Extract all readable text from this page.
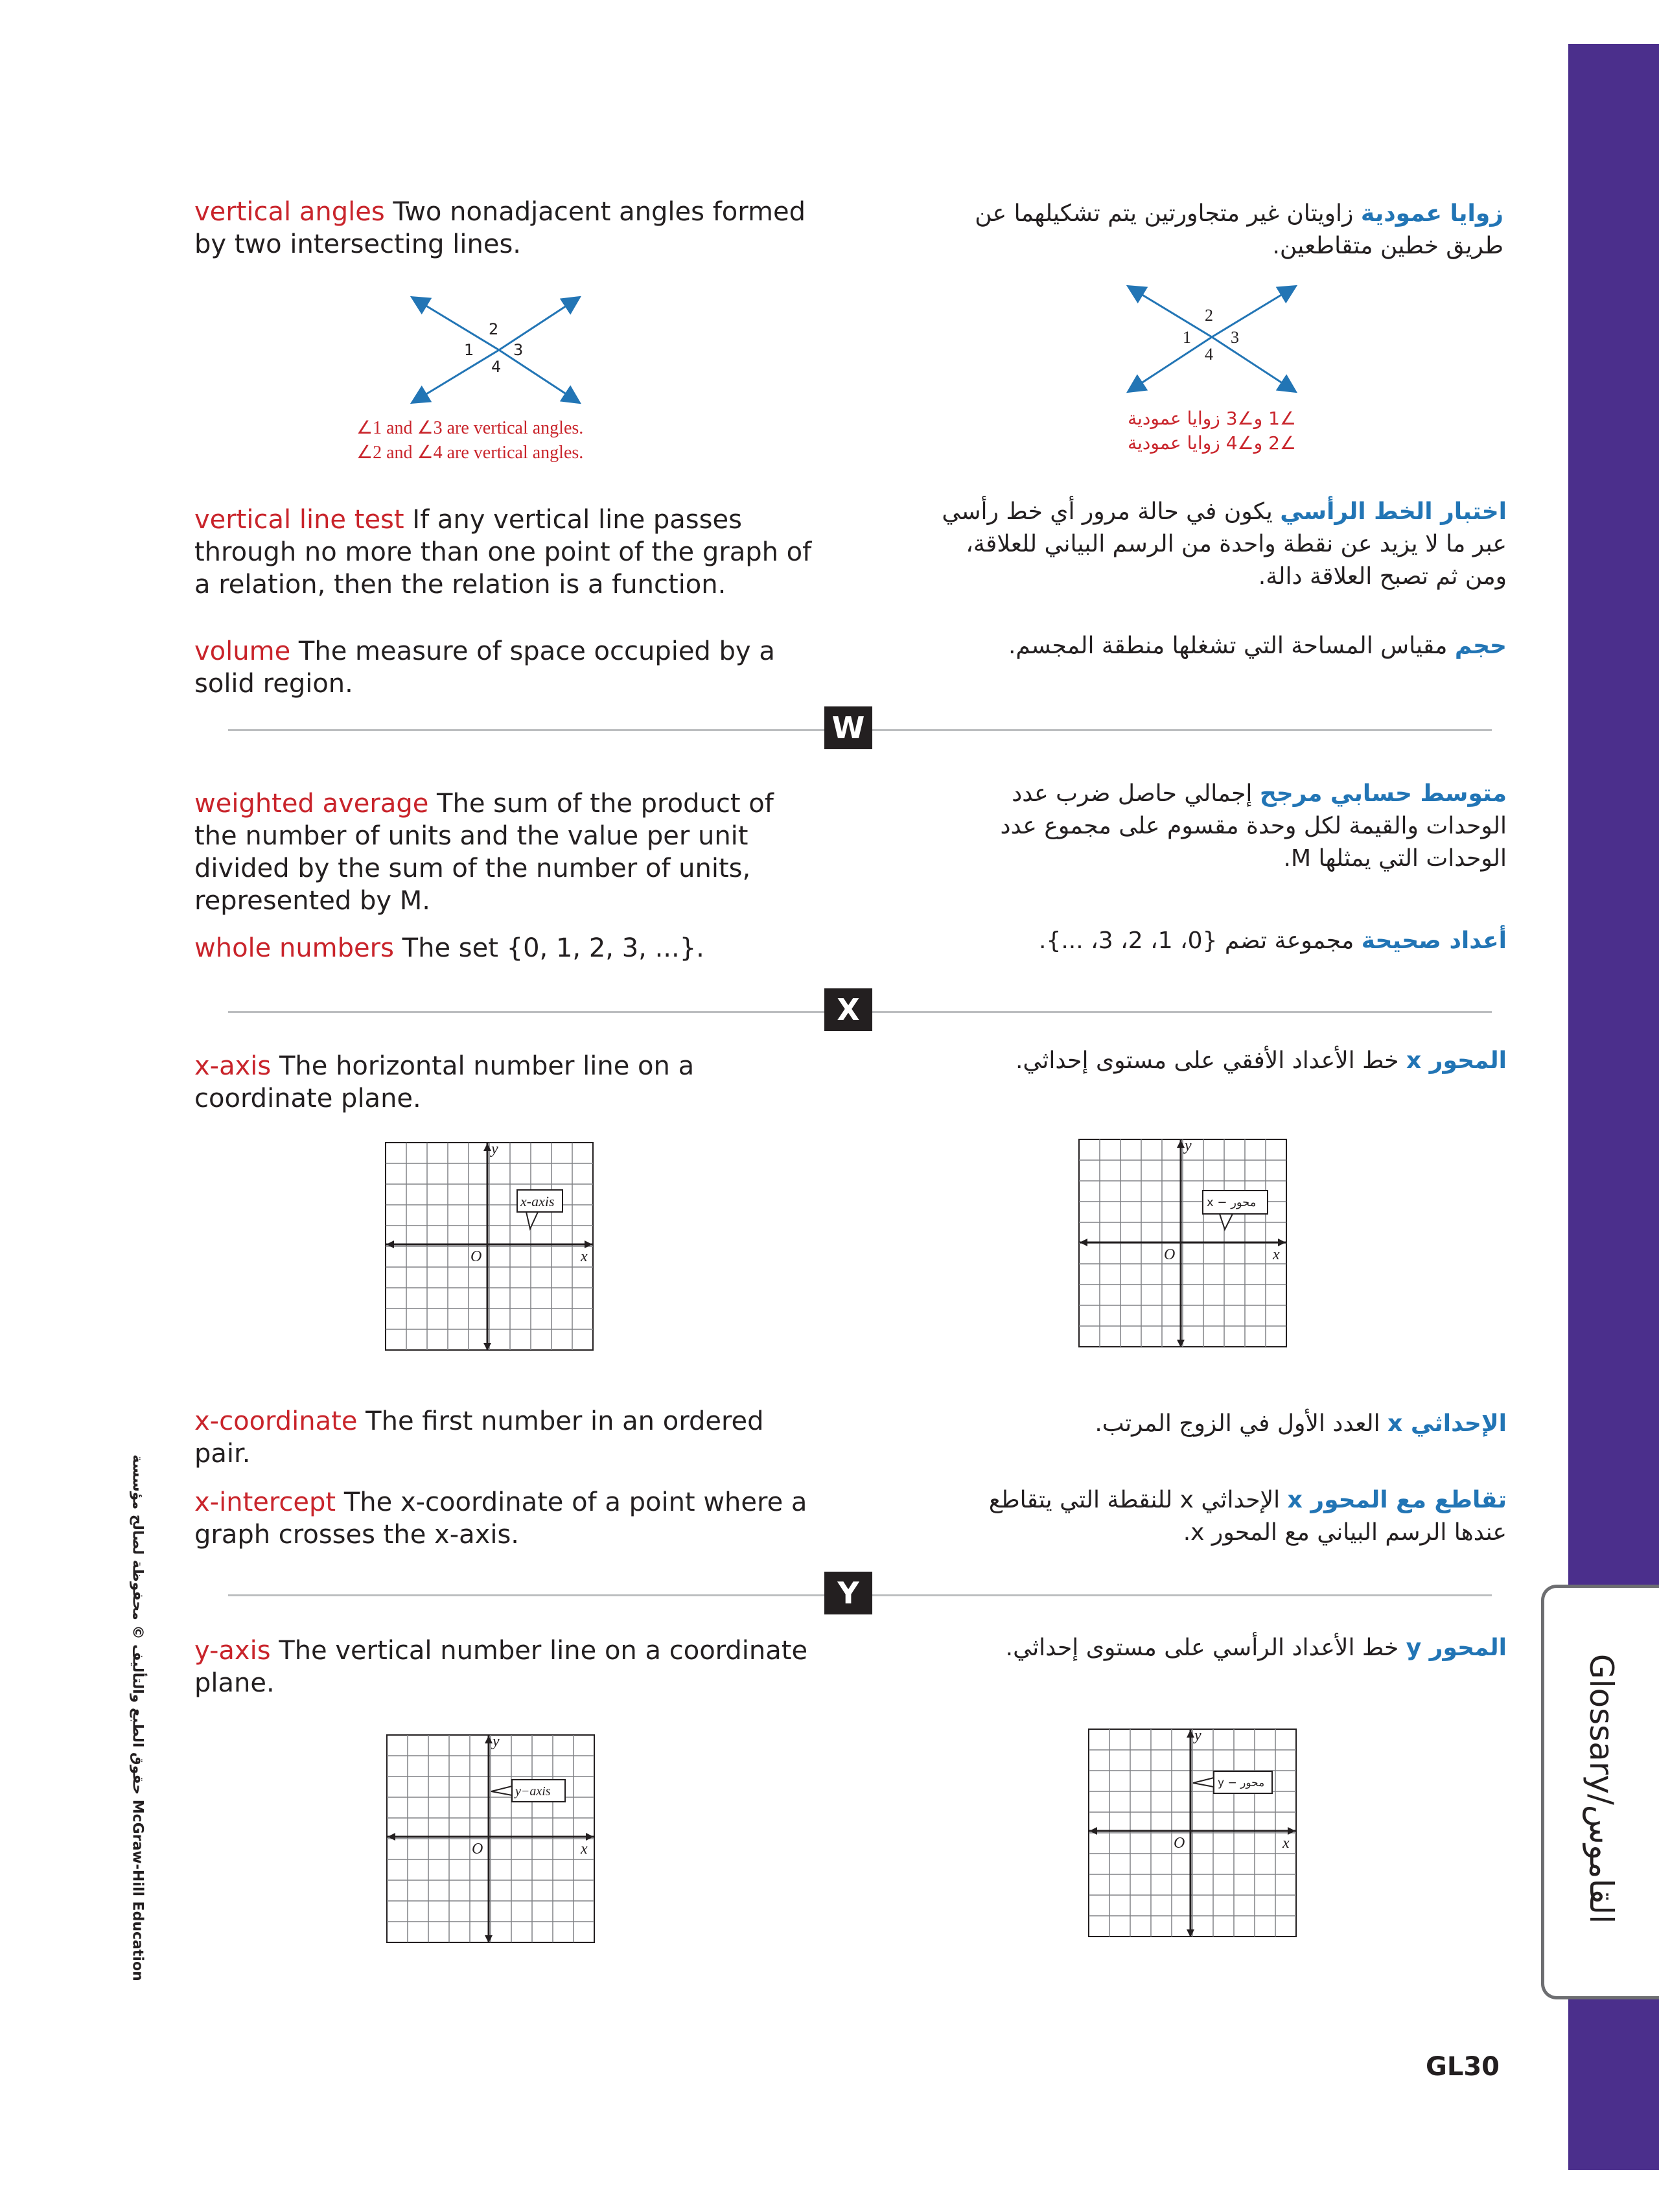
Glossary/القاموس
GL30
حقوق الطبع والتأليف © محفوظة لصالح مؤسسة McGraw-Hill Education
vertical angles Two nonadjacent angles formed by two intersecting lines.
زوايا عمودية زاويتان غير متجاورتين يتم تشكيلهما عن طريق خطين متقاطعين.
2
1	3
4
∠1 and ∠3 are vertical angles.
∠2 and ∠4 are vertical angles.
2
1 3
4
∠1 و∠3 زوايا عمودية
∠2 و∠4 زوايا عمودية
vertical line test If any vertical line passes through no more than one point of the graph of a relation, then the relation is a function.
اختبار الخط الرأسي يكون في حالة مرور أي خط رأسي عبر ما لا يزيد عن نقطة واحدة من الرسم البياني للعلاقة، ومن ثم تصبح العلاقة دالة.
volume The measure of space occupied by a solid region.
حجم مقياس المساحة التي تشغلها منطقة المجسم.
W
weighted average The sum of the product of the number of units and the value per unit divided by the sum of the number of units, represented by M.
متوسط حسابي مرجح إجمالي حاصل ضرب عدد الوحدات والقيمة لكل وحدة مقسوم على مجموع عدد الوحدات التي يمثلها M.
whole numbers The set {0, 1, 2, 3, ...}.	أعداد صحيحة مجموعة تضم {0، 1، 2، 3، ...}.
X
x-axis The horizontal number line on a coordinate plane.
المحور x خط الأعداد الأفقي على مستوى إحداثي.
x-axis
y
x
O
x − محور
y
x
O
x-coordinate The first number in an ordered pair.
الإحداثي x العدد الأول في الزوج المرتب.
x-intercept The x-coordinate of a point where a graph crosses the x-axis.
تقاطع مع المحور x الإحداثي x للنقطة التي يتقاطع عندها الرسم البياني مع المحور x.
Y
y-axis The vertical number line on a coordinate plane.
المحور y خط الأعداد الرأسي على مستوى إحداثي.
y−axis
y
x
O
y − محور
y
x
O
